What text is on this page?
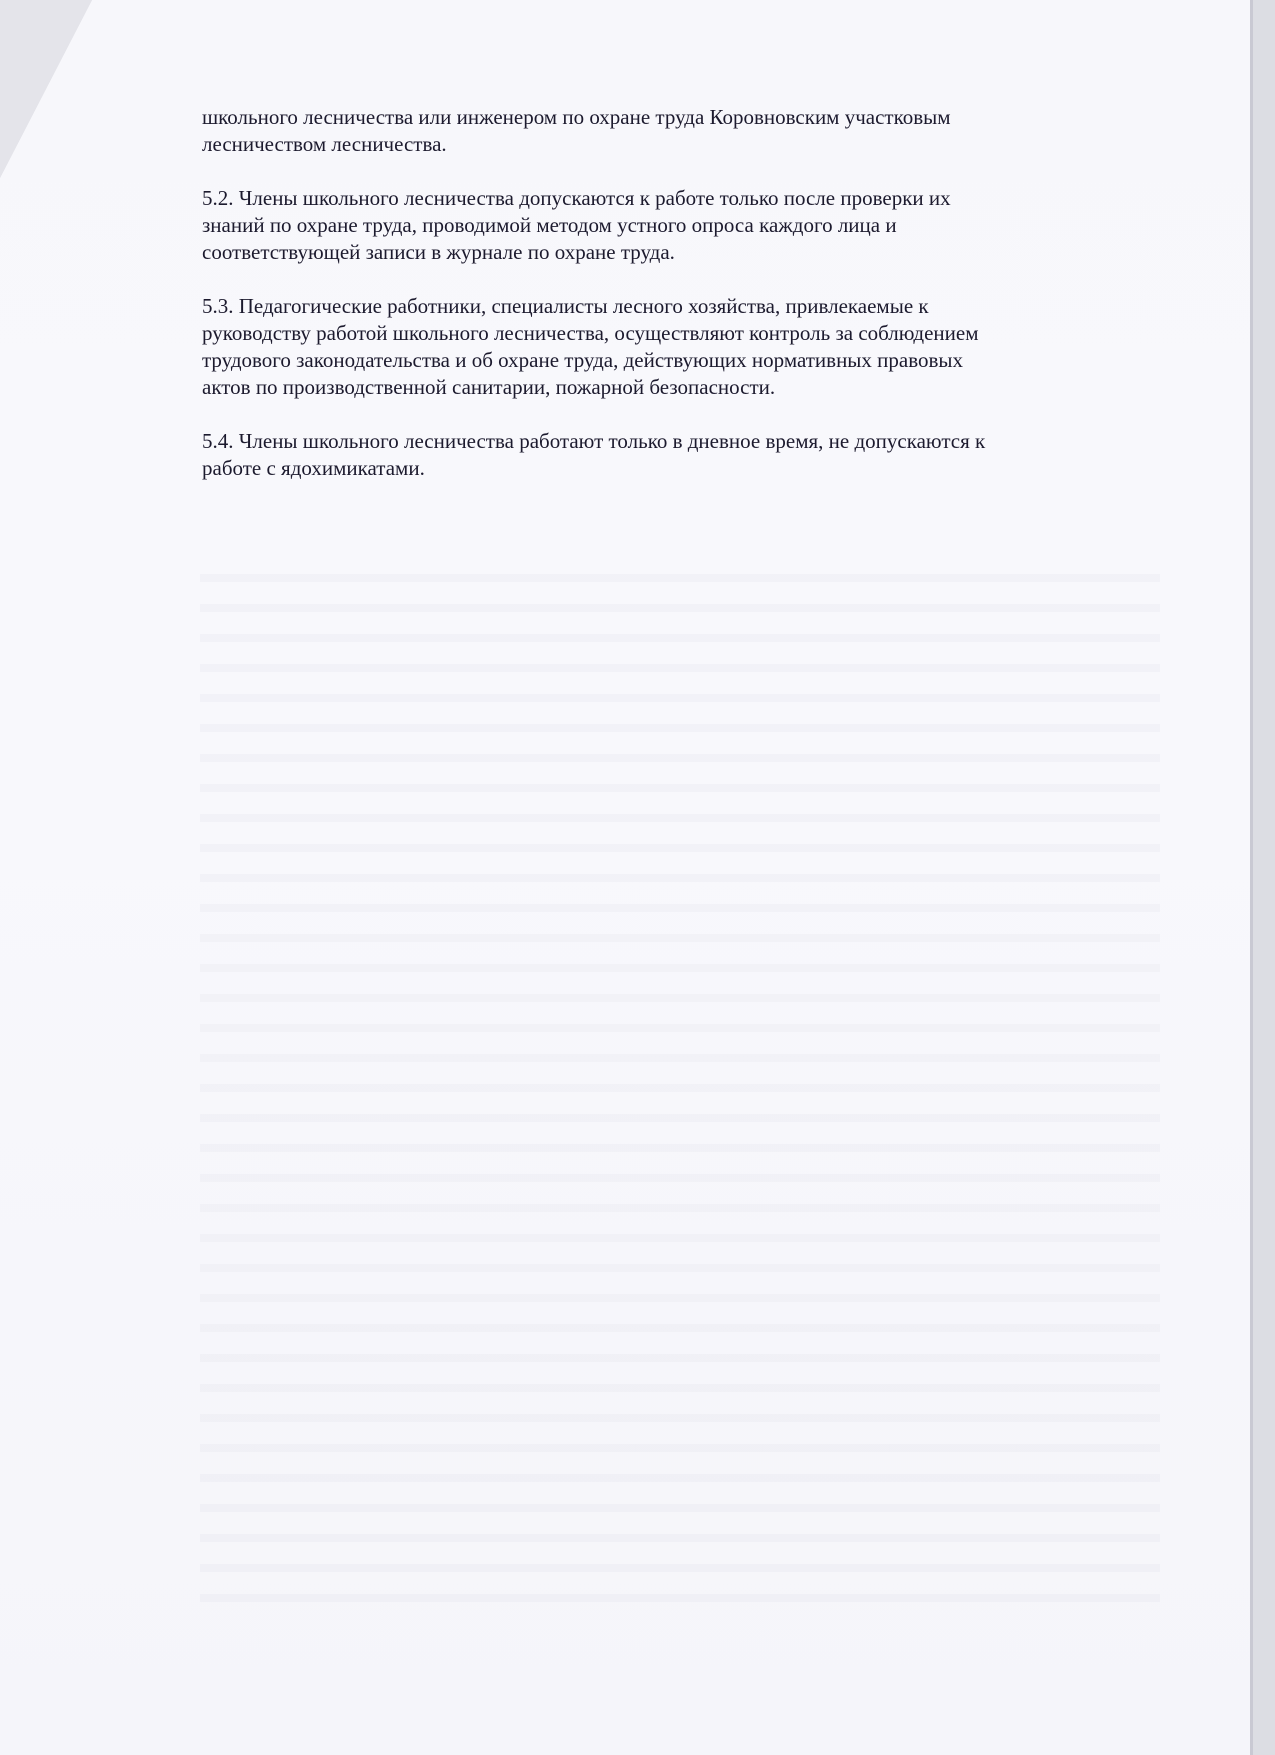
школьного лесничества или инженером по охране труда Коровновским участковым
лесничеством лесничества.

5.2. Члены школьного лесничества допускаются к работе только после проверки их
знаний по охране труда, проводимой методом устного опроса каждого лица и
соответствующей записи в журнале по охране труда.

5.3. Педагогические работники, специалисты лесного хозяйства, привлекаемые к
руководству работой школьного лесничества, осуществляют контроль за соблюдением
трудового законодательства и об охране труда, действующих нормативных правовых
актов по производственной санитарии, пожарной безопасности.

5.4. Члены школьного лесничества работают только в дневное время, не допускаются к
работе с ядохимикатами.
